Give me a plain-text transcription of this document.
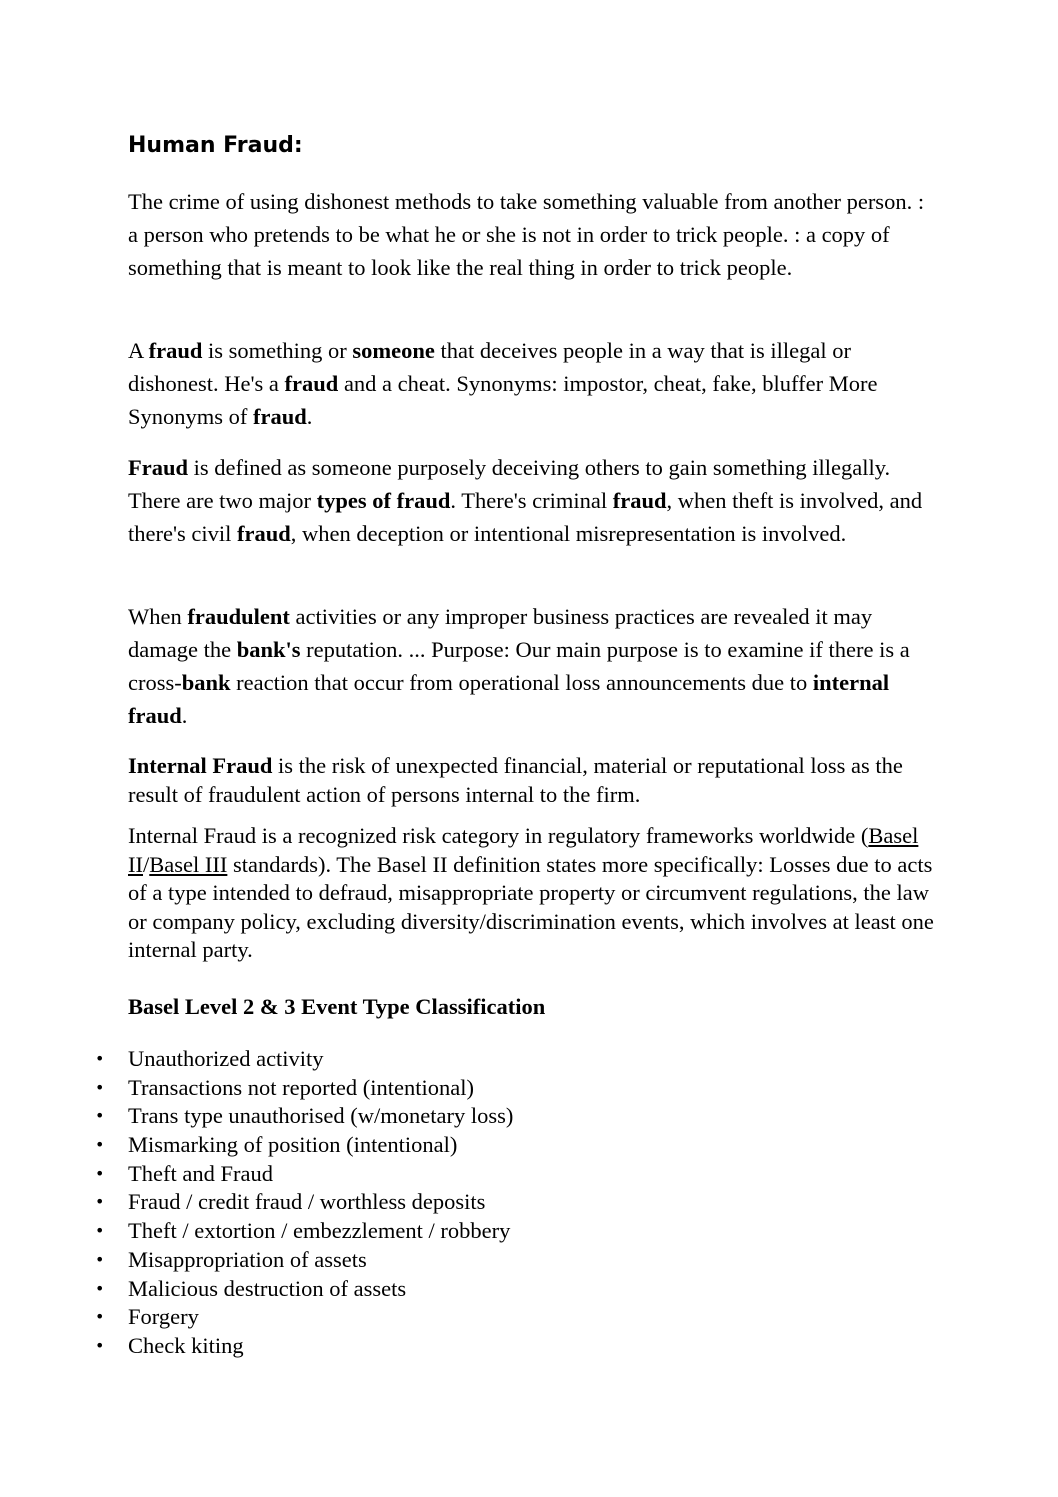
Human Fraud:

The crime of using dishonest methods to take something valuable from another person. : a person who pretends to be what he or she is not in order to trick people. : a copy of something that is meant to look like the real thing in order to trick people.

A fraud is something or someone that deceives people in a way that is illegal or dishonest. He's a fraud and a cheat. Synonyms: impostor, cheat, fake, bluffer More Synonyms of fraud.

Fraud is defined as someone purposely deceiving others to gain something illegally. There are two major types of fraud. There's criminal fraud, when theft is involved, and there's civil fraud, when deception or intentional misrepresentation is involved.

When fraudulent activities or any improper business practices are revealed it may damage the bank's reputation. ... Purpose: Our main purpose is to examine if there is a cross-bank reaction that occur from operational loss announcements due to internal fraud.

Internal Fraud is the risk of unexpected financial, material or reputational loss as the result of fraudulent action of persons internal to the firm.

Internal Fraud is a recognized risk category in regulatory frameworks worldwide (Basel II/Basel III standards). The Basel II definition states more specifically: Losses due to acts of a type intended to defraud, misappropriate property or circumvent regulations, the law or company policy, excluding diversity/discrimination events, which involves at least one internal party.

Basel Level 2 & 3 Event Type Classification
• Unauthorized activity
• Transactions not reported (intentional)
• Trans type unauthorised (w/monetary loss)
• Mismarking of position (intentional)
• Theft and Fraud
• Fraud / credit fraud / worthless deposits
• Theft / extortion / embezzlement / robbery
• Misappropriation of assets
• Malicious destruction of assets
• Forgery
• Check kiting
